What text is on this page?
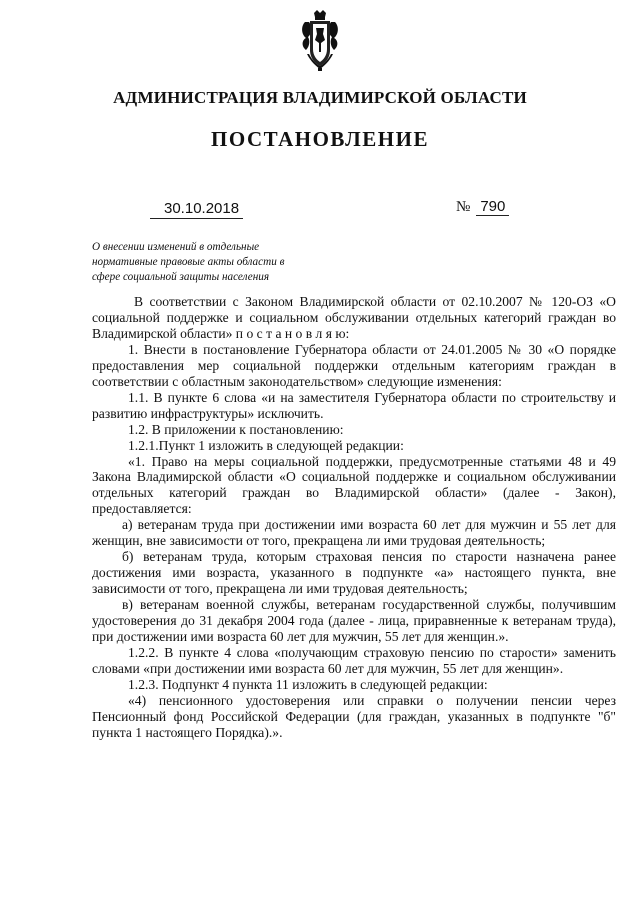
АДМИНИСТРАЦИЯ ВЛАДИМИРСКОЙ ОБЛАСТИ
ПОСТАНОВЛЕНИЕ
30.10.2018	№ 790
О внесении изменений в отдельные
нормативные правовые акты области в
сфере социальной защиты населения

В соответствии с Законом Владимирской области от 02.10.2007 № 120-ОЗ «О социальной поддержке и социальном обслуживании отдельных категорий граждан во Владимирской области» п о с т а н о в л я ю:

1. Внести в постановление Губернатора области от 24.01.2005 № 30 «О порядке предоставления мер социальной поддержки отдельным категориям граждан в соответствии с областным законодательством» следующие изменения:

1.1. В пункте 6 слова «и на заместителя Губернатора области по строительству и развитию инфраструктуры» исключить.

1.2. В приложении к постановлению:

1.2.1.Пункт 1 изложить в следующей редакции:

«1. Право на меры социальной поддержки, предусмотренные статьями 48 и 49 Закона Владимирской области «О социальной поддержке и социальном обслуживании отдельных категорий граждан во Владимирской области» (далее - Закон), предоставляется:

а) ветеранам труда при достижении ими возраста 60 лет для мужчин и 55 лет для женщин, вне зависимости от того, прекращена ли ими трудовая деятельность;

б) ветеранам труда, которым страховая пенсия по старости назначена ранее достижения ими возраста, указанного в подпункте «а» настоящего пункта, вне зависимости от того, прекращена ли ими трудовая деятельность;

в) ветеранам военной службы, ветеранам государственной службы, получившим удостоверения до 31 декабря 2004 года (далее - лица, приравненные к ветеранам труда), при достижении ими возраста 60 лет для мужчин, 55 лет для женщин.».

1.2.2. В пункте 4 слова «получающим страховую пенсию по старости» заменить словами «при достижении ими возраста 60 лет для мужчин, 55 лет для женщин».

1.2.3. Подпункт 4 пункта 11 изложить в следующей редакции:

«4) пенсионного удостоверения или справки о получении пенсии через Пенсионный фонд Российской Федерации (для граждан, указанных в подпункте "б" пункта 1 настоящего Порядка).».
